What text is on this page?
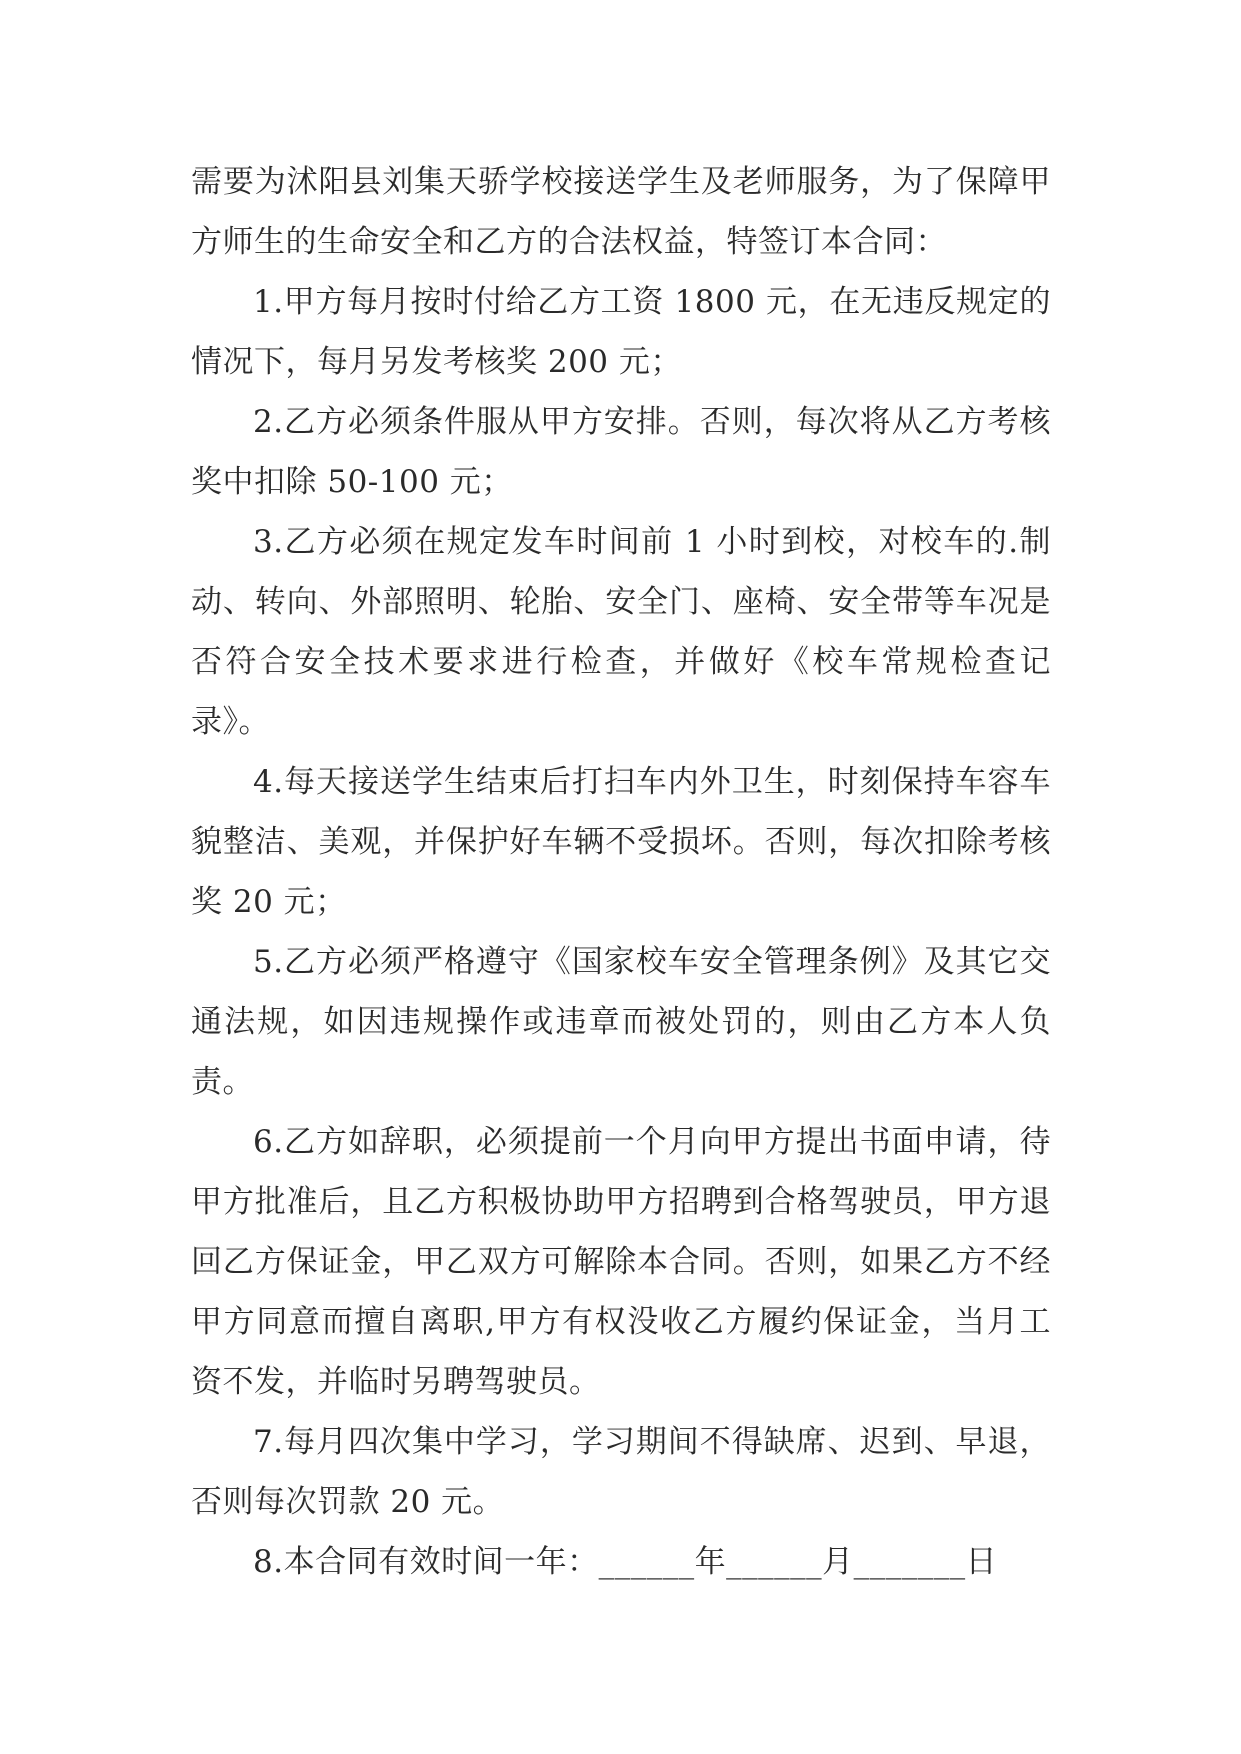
需要为沭阳县刘集天骄学校接送学生及老师服务，为了保障甲方师生的生命安全和乙方的合法权益，特签订本合同：

1.甲方每月按时付给乙方工资 1800 元，在无违反规定的情况下，每月另发考核奖 200 元；

2.乙方必须条件服从甲方安排。否则，每次将从乙方考核奖中扣除 50-100 元；

3.乙方必须在规定发车时间前 1 小时到校，对校车的.制动、转向、外部照明、轮胎、安全门、座椅、安全带等车况是否符合安全技术要求进行检查，并做好《校车常规检查记录》。

4.每天接送学生结束后打扫车内外卫生，时刻保持车容车貌整洁、美观，并保护好车辆不受损坏。否则，每次扣除考核奖 20 元；

5.乙方必须严格遵守《国家校车安全管理条例》及其它交通法规，如因违规操作或违章而被处罚的，则由乙方本人负责。

6.乙方如辞职，必须提前一个月向甲方提出书面申请，待甲方批准后，且乙方积极协助甲方招聘到合格驾驶员，甲方退回乙方保证金，甲乙双方可解除本合同。否则，如果乙方不经甲方同意而擅自离职,甲方有权没收乙方履约保证金，当月工资不发，并临时另聘驾驶员。

7.每月四次集中学习，学习期间不得缺席、迟到、早退，否则每次罚款 20 元。

8.本合同有效时间一年：______年______月_______日
